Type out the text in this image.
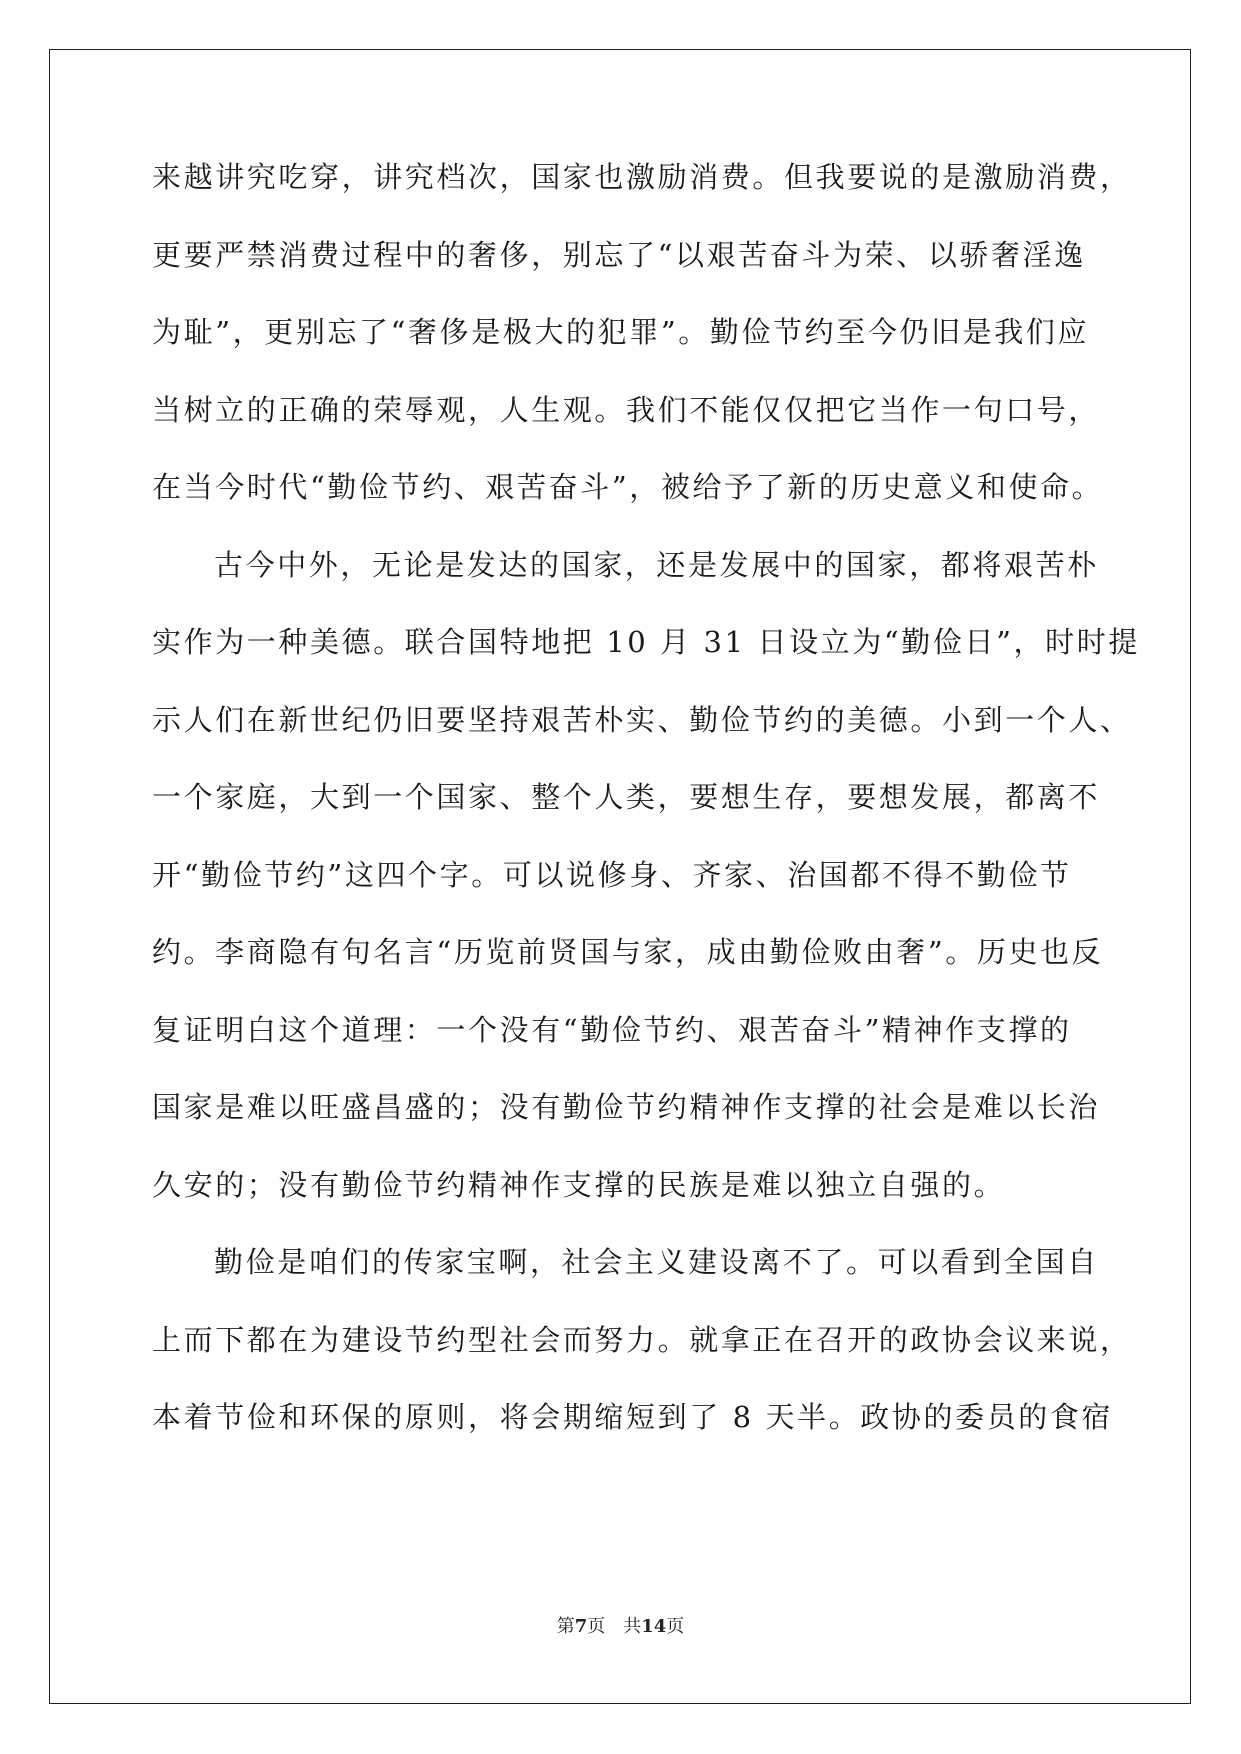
来越讲究吃穿，讲究档次，国家也激励消费。但我要说的是激励消费，
更要严禁消费过程中的奢侈，别忘了“以艰苦奋斗为荣、以骄奢淫逸
为耻”，更别忘了“奢侈是极大的犯罪”。勤俭节约至今仍旧是我们应
当树立的正确的荣辱观，人生观。我们不能仅仅把它当作一句口号，
在当今时代“勤俭节约、艰苦奋斗”，被给予了新的历史意义和使命。
古今中外，无论是发达的国家，还是发展中的国家，都将艰苦朴
实作为一种美德。联合国特地把 10 月 31 日设立为“勤俭日”，时时提
示人们在新世纪仍旧要坚持艰苦朴实、勤俭节约的美德。小到一个人、
一个家庭，大到一个国家、整个人类，要想生存，要想发展，都离不
开“勤俭节约”这四个字。可以说修身、齐家、治国都不得不勤俭节
约。李商隐有句名言“历览前贤国与家，成由勤俭败由奢”。历史也反
复证明白这个道理：一个没有“勤俭节约、艰苦奋斗”精神作支撑的
国家是难以旺盛昌盛的；没有勤俭节约精神作支撑的社会是难以长治
久安的；没有勤俭节约精神作支撑的民族是难以独立自强的。
勤俭是咱们的传家宝啊，社会主义建设离不了。可以看到全国自
上而下都在为建设节约型社会而努力。就拿正在召开的政协会议来说，
本着节俭和环保的原则，将会期缩短到了 8 天半。政协的委员的食宿
第7页 共14页
